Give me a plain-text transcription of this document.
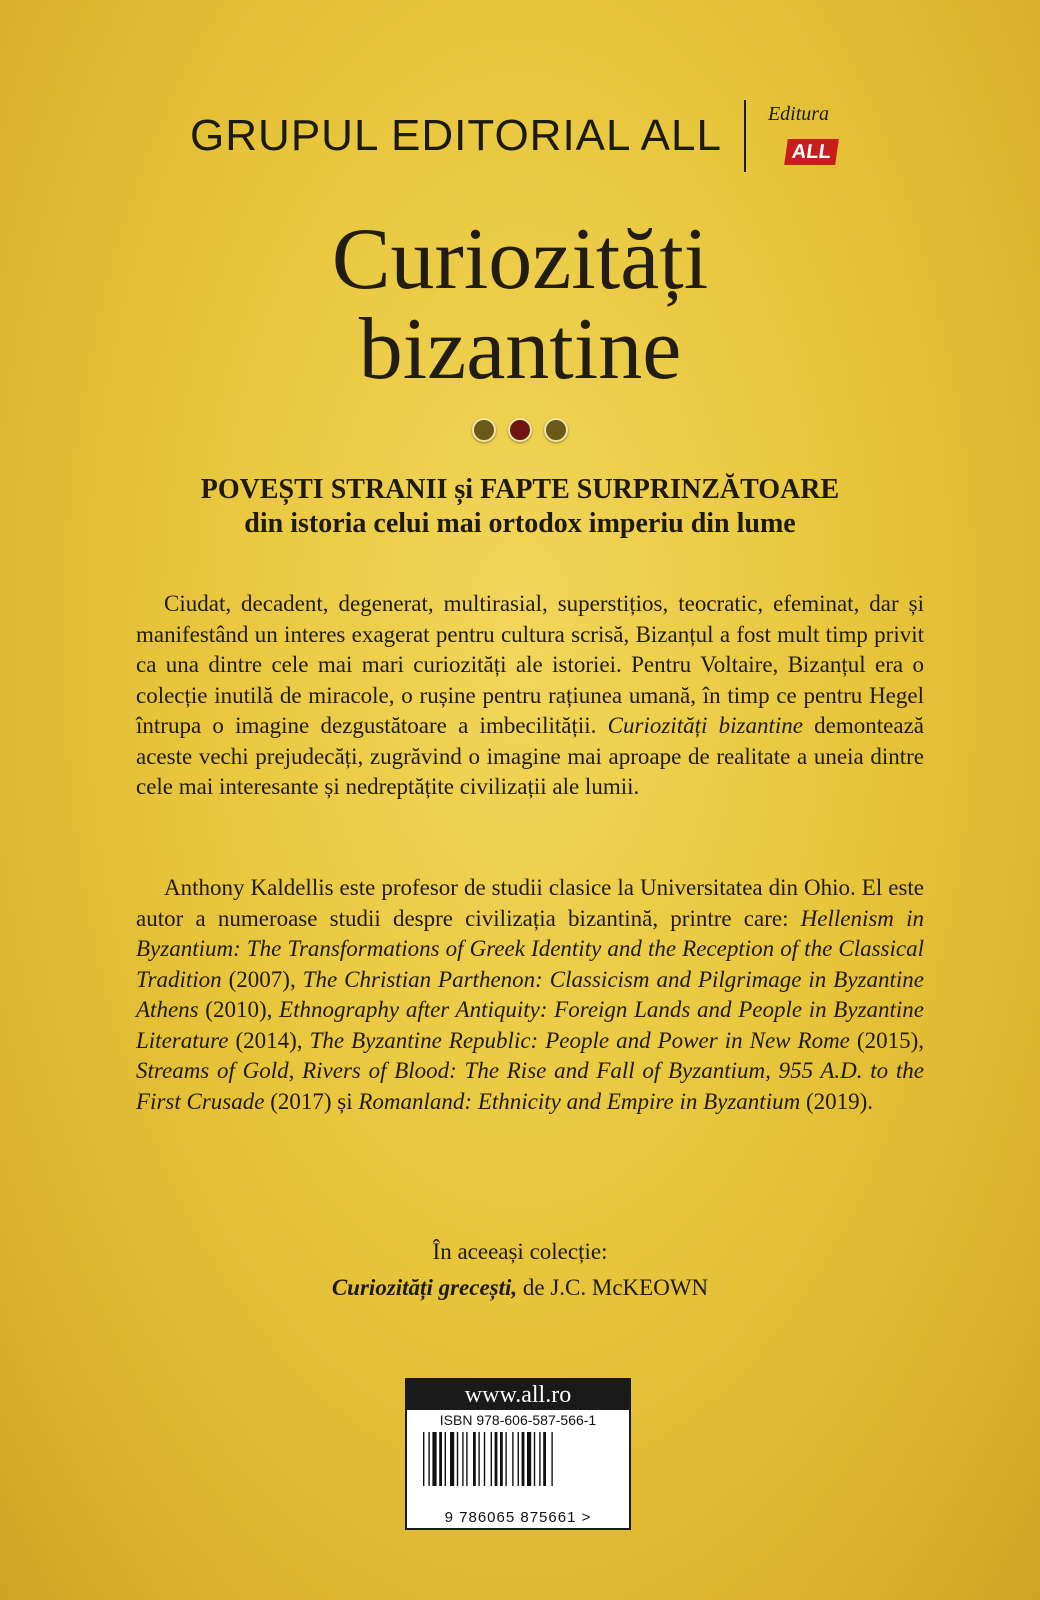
GRUPUL EDITORIAL ALL Editura
ALL
Curiozități
bizantine
POVEȘTI STRANII și FAPTE SURPRINZĂTOARE
din istoria celui mai ortodox imperiu din lume

Ciudat, decadent, degenerat, multirasial, superstițios, teocratic, efeminat, dar și manifestând un interes exagerat pentru cultura scrisă, Bizanțul a fost mult timp privit ca una dintre cele mai mari curiozități ale istoriei. Pentru Voltaire, Bizanțul era o colecție inutilă de miracole, o rușine pentru rațiunea umană, în timp ce pentru Hegel întrupa o imagine dezgustătoare a imbecilității. Curiozități bizantine demontează aceste vechi prejudecăți, zugrăvind o imagine mai aproape de realitate a uneia dintre cele mai interesante și nedreptățite civilizații ale lumii.

Anthony Kaldellis este profesor de studii clasice la Universitatea din Ohio. El este autor a numeroase studii despre civilizația bizantină, printre care: Hellenism in Byzantium: The Transformations of Greek Identity and the Reception of the Classical Tradition (2007), The Christian Parthenon: Classicism and Pilgrimage in Byzantine Athens (2010), Ethnography after Antiquity: Foreign Lands and People in Byzantine Literature (2014), The Byzantine Republic: People and Power in New Rome (2015), Streams of Gold, Rivers of Blood: The Rise and Fall of Byzantium, 955 A.D. to the First Crusade (2017) și Romanland: Ethnicity and Empire in Byzantium (2019).

În aceeași colecție:
Curiozități grecești, de J.C. McKEOWN
www.all.ro
ISBN 978-606-587-566-1
9 786065 875661 >
